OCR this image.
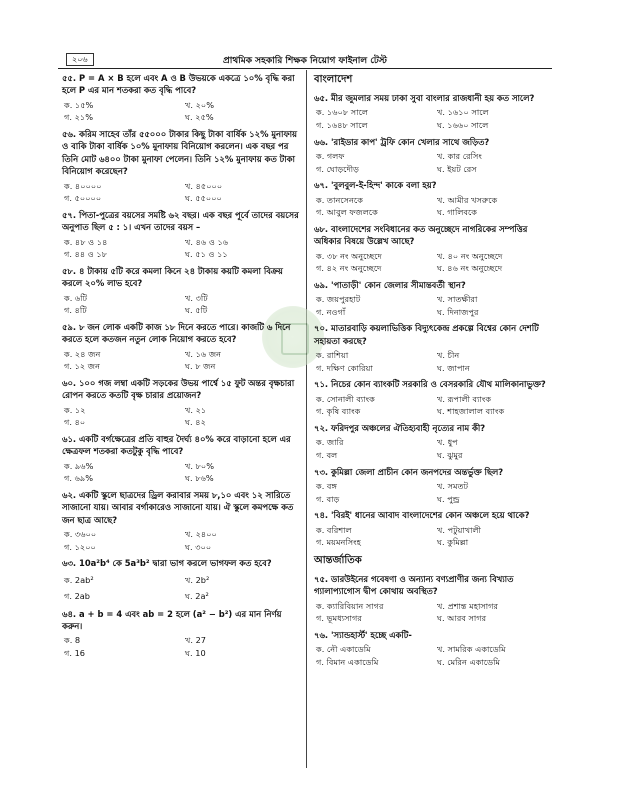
২০৬	প্রাথমিক সহকারি শিক্ষক নিয়োগ ফাইনাল টেস্ট

৫৫. P = A × B হলে এবং A ও B উভয়কে একত্রে ১০% বৃদ্ধি করা হলে P এর মান শতকরা কত বৃদ্ধি পাবে?

ক. ১৫%	খ. ২০%
গ. ২১%	ঘ. ২৫%

৫৬. করিম সাহেব তাঁর ৫৫০০০ টাকার কিছু টাকা বার্ষিক ১২% মুনাফায় ও বাকি টাকা বার্ষিক ১০% মুনাফায় বিনিয়োগ করলেন। এক বছর পর তিনি মোট ৬৪০০ টাকা মুনাফা পেলেন। তিনি ১২% মুনাফায় কত টাকা বিনিয়োগ করেছেন?

ক. ৪০০০০	খ. ৪৫০০০
গ. ৫০০০০	ঘ. ৫৫০০০

৫৭. পিতা-পুত্রের বয়সের সমষ্টি ৬২ বছর। এক বছর পূর্বে তাদের বয়সের অনুপাত ছিল ৫ : ১। এখন তাদের বয়স –

ক. ৪৮ ও ১৪	খ. ৪৬ ও ১৬
গ. ৪৪ ও ১৮	ঘ. ৫১ ও ১১

৫৮. ৪ টাকায় ৫টি করে কমলা কিনে ২৪ টাকায় কয়টি কমলা বিক্রয় করলে ২০% লাভ হবে?

ক. ৬টি	খ. ৩টি
গ. ৪টি	ঘ. ৫টি

৫৯. ৮ জন লোক একটি কাজ ১৮ দিনে করতে পারে। কাজটি ৬ দিনে করতে হলে কতজন নতুন লোক নিয়োগ করতে হবে?

ক. ২৪ জন	খ. ১৬ জন
গ. ১২ জন	ঘ. ৮ জন

৬০. ১০০ গজ লম্বা একটি সড়কের উভয় পার্শ্বে ১৫ ফুট অন্তর বৃক্ষচারা রোপন করতে কতটি বৃক্ষ চারার প্রয়োজন?

ক. ১২	খ. ২১
গ. ৪০	ঘ. ৪২

৬১. একটি বর্গক্ষেত্রের প্রতি বাহুর দৈর্ঘ্য ৪০% করে বাড়ানো হলে এর ক্ষেত্রফল শতকরা কতটুকু বৃদ্ধি পাবে?

ক. ৯৬%	খ. ৮০%
গ. ৬৯%	ঘ. ৮৬%

৬২. একটি স্কুলে ছাত্রদের ড্রিল করাবার সময় ৮,১০ এবং ১২ সারিতে সাজানো যায়। আবার বর্গাকারেও সাজানো যায়। ঐ স্কুলে কমপক্ষে কত জন ছাত্র আছে?

ক. ৩৬০০	খ. ২৪০০
গ. ১২০০	ঘ. ৩০০

৬৩. 10a²b⁴ কে 5a³b² দ্বারা ভাগ করলে ভাগফল কত হবে?

ক. 2ab²	খ. 2b²
গ. 2ab	ঘ. 2a²

৬৪. a + b = 4 এবং ab = 2 হলে (a² − b²) এর মান নির্ণয় করুন।

ক. 8	খ. 27
গ. 16	ঘ. 10
বাংলাদেশ

৬৫. মীর জুমলার সময় ঢাকা সুবা বাংলার রাজধানী হয় কত সালে?

ক. ১৬০৮ সালে	খ. ১৬১০ সালে
গ. ১৬৪৮ সালে	ঘ. ১৬৬০ সালে

৬৬. 'রাইডার কাপ' ট্রফি কোন খেলার সাথে জড়িত?

ক. গলফ	খ. কার রেসিং
গ. ঘোড়দৌড়	ঘ. ইয়ট রেস

৬৭. 'বুলবুল-ই-হিন্দ' কাকে বলা হয়?

ক. তানসেনকে	খ. আমীর খসরুকে
গ. আবুল ফজলকে	ঘ. গালিবকে

৬৮. বাংলাদেশের সংবিধানের কত অনুচ্ছেদে নাগরিকের সম্পত্তির অধিকার বিষয়ে উল্লেখ আছে?

ক. ৩৮ নং অনুচ্ছেদে	খ. ৪০ নং অনুচ্ছেদে
গ. ৪২ নং অনুচ্ছেদে	ঘ. ৪৬ নং অনুচ্ছেদে

৬৯. 'পাতাড়ী' কোন জেলার সীমান্তবর্তী স্থান?

ক. জয়পুরহাট	খ. সাতক্ষীরা
গ. নওগাঁ	ঘ. দিনাজপুর

৭০. মাতারবাড়ি কয়লাভিত্তিক বিদ্যুৎকেন্দ্র প্রকল্পে বিশ্বের কোন দেশটি সহায়তা করছে?

ক. রাশিয়া	খ. চীন
গ. দক্ষিণ কোরিয়া	ঘ. জাপান

৭১. নিচের কোন ব্যাংকটি সরকারি ও বেসরকারি যৌথ মালিকানাভুক্ত?

ক. সোনালী ব্যাংক	খ. রূপালী ব্যাংক
গ. কৃষি ব্যাংক	ঘ. শাহজালাল ব্যাংক

৭২. ফরিদপুর অঞ্চলের ঐতিহ্যবাহী নৃত্যের নাম কী?

ক. জারি	খ. ধুপ
গ. বল	ঘ. ঝুমুর

৭৩. কুমিল্লা জেলা প্রাচীন কোন জনপদের অন্তর্ভুক্ত ছিল?

ক. বঙ্গ	খ. সমতট
গ. বাড়	ঘ. পুন্ড্র

৭৪. 'বিরই' ধানের আবাদ বাংলাদেশের কোন অঞ্চলে হয়ে থাকে?

ক. বরিশাল	খ. পটুয়াখালী
গ. ময়মনসিংহ	ঘ. কুমিল্লা
আন্তর্জাতিক

৭৫. ডারউইনের গবেষণা ও অন্যান্য বণ্যপ্রাণীর জন্য বিখ্যাত গ্যালাপ্যাগোস দ্বীপ কোথায় অবস্থিত?

ক. ক্যারিবিয়ান সাগর	খ. প্রশান্ত মহাসাগর
গ. ভূমধ্যসাগর	ঘ. আরব সাগর

৭৬. 'স্যান্ডহার্স্ট' হচ্ছে একটি-

ক. নৌ একাডেমি	খ. সামরিক একাডেমি
গ. বিমান একাডেমি	ঘ. মেরিন একাডেমি
